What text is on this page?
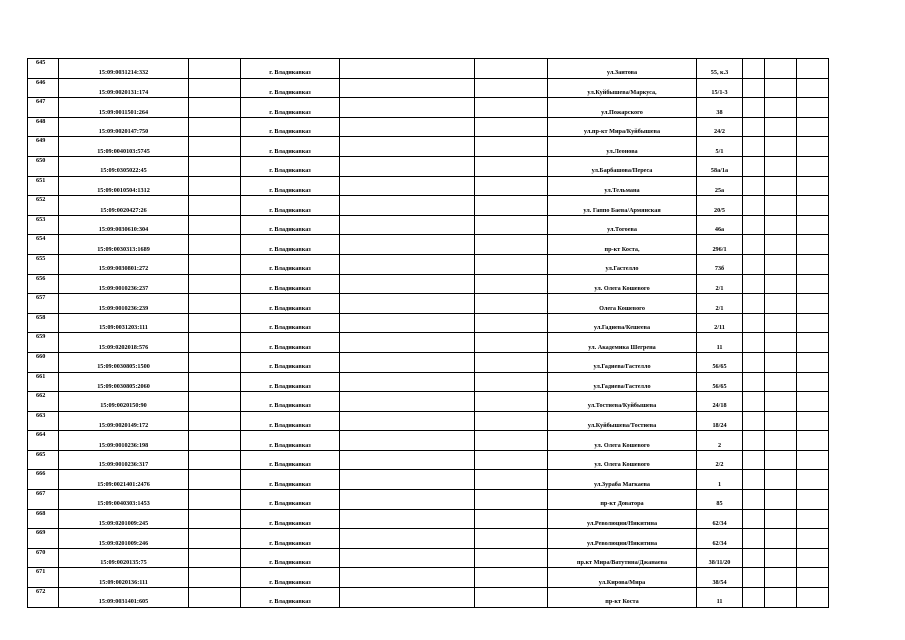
645	15:09:0031214:332		г. Владикавказ			ул.Заитова	55, к.3			
646	15:09:0020131:174		г. Владикавказ			ул.Куйбышева/Маркуса,	15/1-3			
647	15:09:0011501:264		г. Владикавказ			ул.Пожарского	38			
648	15:09:0020147:750		г. Владикавказ			ул.пр-кт Мира/Куйбышева	24/2			
649	15:09:0040103:5745		г. Владикавказ			ул.Леонова	5/1			
650	15:09:0305022:45		г. Владикавказ			ул.Барбашова/Переса	58а/1а			
651	15:09:0010504:1312		г. Владикавказ			ул.Тельмана	25а			
652	15:09:0020427:26		г. Владикавказ			ул. Гаппо Баева/Армянская	20/5			
653	15:09:0030610:304		г. Владикавказ			ул.Тогоева	46а			
654	15:09:0030313:1689		г. Владикавказ			пр-кт Коста,	296/1			
655	15:09:0030801:272		г. Владикавказ			ул.Гастелло	73б			
656	15:09:0010236:237		г. Владикавказ			ул. Олега Кошевого	2/1			
657	15:09:0010236:239		г. Владикавказ			Олега Кошевого	2/1			
658	15:09:0031203:111		г. Владикавказ			ул.Гадиева/Кешеева	2/11			
659	15:09:0202018:576		г. Владикавказ			ул. Академика Шегрена	11			
660	15:09:0030805:1500		г. Владикавказ			ул.Гадиева/Гастелло	56/65			
661	15:09:0030805:2060		г. Владикавказ			ул.Гадиева/Гастелло	56/65			
662	15:09:0020150:90		г. Владикавказ			ул.Тостиева/Куйбышева	24/18			
663	15:09:0020149:172		г. Владикавказ			ул.Куйбышева/Тостиева	18/24			
664	15:09:0010236:198		г. Владикавказ			ул. Олега Кошевого	2			
665	15:09:0010236:317		г. Владикавказ			ул. Олега Кошевого	2/2			
666	15:09:0021401:2476		г. Владикавказ			ул.Зураба Магкаева	1			
667	15:09:0040303:1453		г. Владикавказ			пр-кт Доватора	85			
668	15:09:0201009:245		г. Владикавказ			ул.Революции/Никитина	62/34			
669	15:09:0201009:246		г. Владикавказ			ул.Революции/Никитина	62/34			
670	15:09:0020135:75		г. Владикавказ			пр.кт Мира/Ватутина/Джанаева	38/11/20			
671	15:09:0020136:111		г. Владикавказ			ул.Кирова/Мира	38/54			
672	15:09:0031401:605		г. Владикавказ			пр-кт Коста	11			
